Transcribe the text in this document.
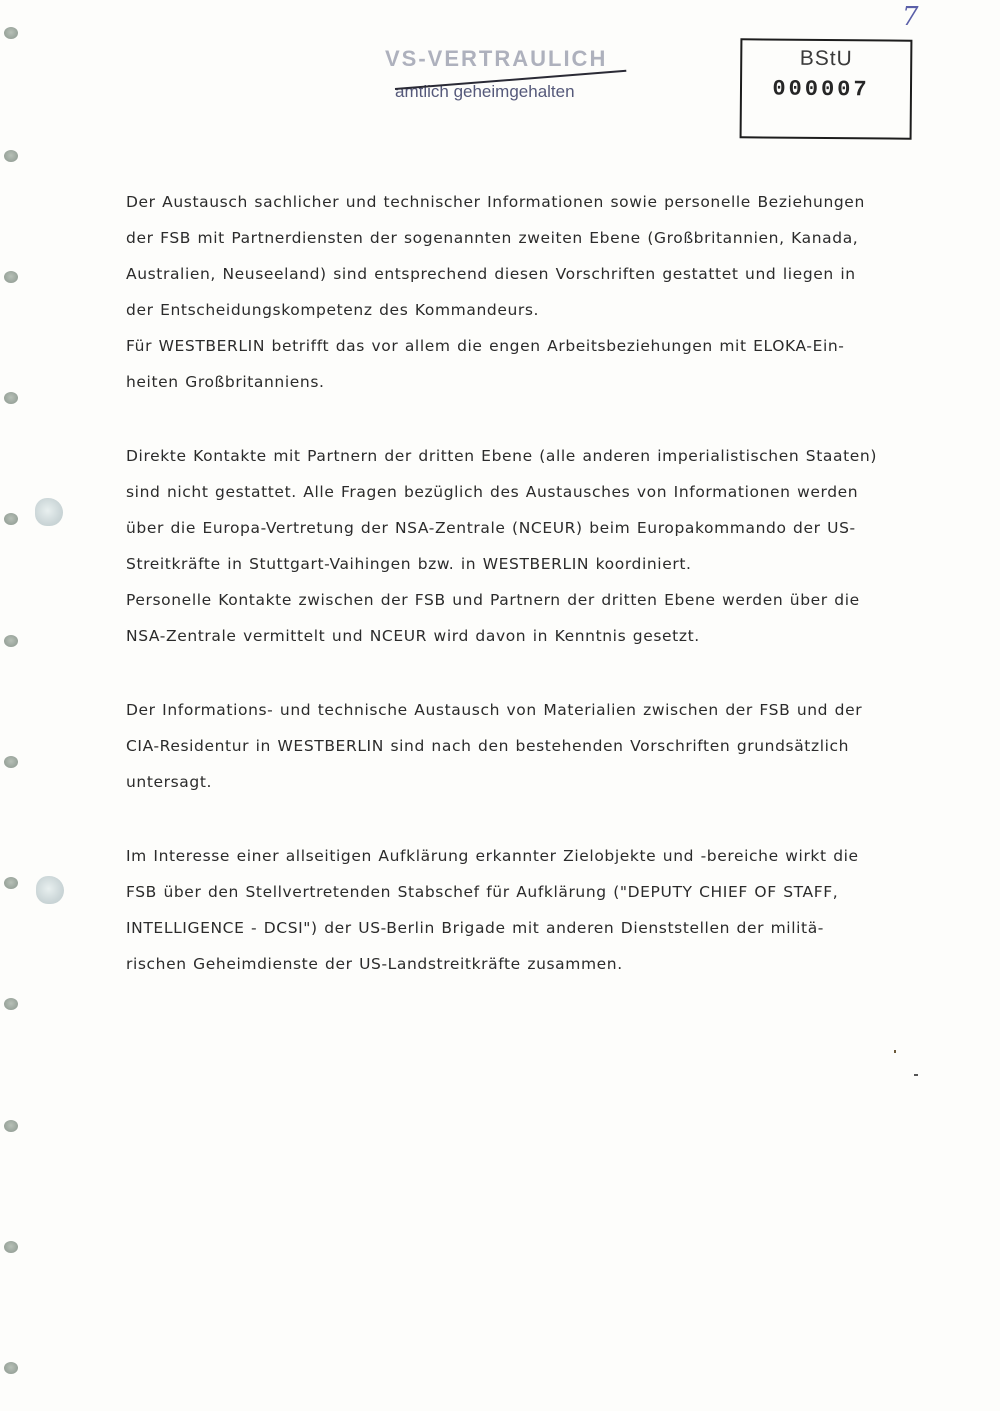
VS-VERTRAULICH
amtlich geheimgehalten
BStU
000007
7
Der Austausch sachlicher und technischer Informationen sowie personelle Beziehungen
der FSB mit Partnerdiensten der sogenannten zweiten Ebene (Großbritannien, Kanada,
Australien, Neuseeland) sind entsprechend diesen Vorschriften gestattet und liegen in
der Entscheidungskompetenz des Kommandeurs.
Für WESTBERLIN betrifft das vor allem die engen Arbeitsbeziehungen mit ELOKA-Ein-
heiten Großbritanniens.
Direkte Kontakte mit Partnern der dritten Ebene (alle anderen imperialistischen Staaten)
sind nicht gestattet. Alle Fragen bezüglich des Austausches von Informationen werden
über die Europa-Vertretung der NSA-Zentrale (NCEUR) beim Europakommando der US-
Streitkräfte in Stuttgart-Vaihingen bzw. in WESTBERLIN koordiniert.
Personelle Kontakte zwischen der FSB und Partnern der dritten Ebene werden über die
NSA-Zentrale vermittelt und NCEUR wird davon in Kenntnis gesetzt.
Der Informations- und technische Austausch von Materialien zwischen der FSB und der
CIA-Residentur in WESTBERLIN sind nach den bestehenden Vorschriften grundsätzlich
untersagt.
Im Interesse einer allseitigen Aufklärung erkannter Zielobjekte und -bereiche wirkt die
FSB über den Stellvertretenden Stabschef für Aufklärung ("DEPUTY CHIEF OF STAFF,
INTELLIGENCE - DCSI") der US-Berlin Brigade mit anderen Dienststellen der militä-
rischen Geheimdienste der US-Landstreitkräfte zusammen.
